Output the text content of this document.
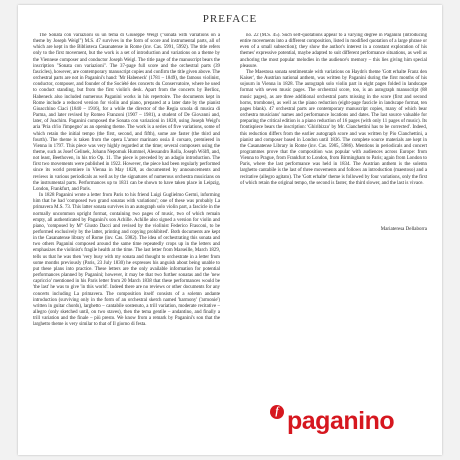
PREFACE

The Sonata con variazioni su un tema di Giuseppe Weigl ("sonata with variations on a theme by Joseph Weigl") M.S. 47 survives in the form of score and instrumental parts, all of which are kept in the Biblioteca Casanatense in Rome (inv. Cas. 5991, 5992). The title refers only to the first movement, but the work is a set of introduction and variations on a theme by the Viennese composer and conductor Joseph Weigl. The title page of the manuscript bears the inscription "Sonata con variazioni". The 37-page full score and the orchestral parts (39 fascicles), however, are contemporary manuscript copies and confirm the title given above. The orchestral parts are not in Paganini's hand: 'Mr Habeneck' (1781 – 1849), the famous violinist, conductor, composer, and founder of the Société des concerts du Conservatoire, where he used to conduct standing, but from the first violin's desk. Apart from the concerts by Berlioz, Habeneck also included numerous Paganini works in his repertoire. The documents kept in Rome include a reduced version for violin and piano, prepared at a later date by the pianist Gioacchino Ciaci (1840 – 1916), for a while the director of the Regia scuola di musica di Parma, and later revised by Romeo Franzoni (1907 – 1981), a student of De Giovanni and, later, of Joachim. Paganini composed the Sonata con variazioni in 1828, using Joseph Weigl's aria 'Pria ch'io l'impegno' as an opening theme. The work is a series of five variations, some of which retain the initial tempo (the first, second, and fifth), some are faster (the third and fourth). The theme is taken from the opera L'amor marinaro ossia il corsaro, premiered in Vienna in 1797. This piece was very highly regarded at the time; several composers using the theme, such as Josef Gelinek, Johann Nepomuk Hummel, Alessandro Rolla, Joseph Wölfl, and, not least, Beethoven, in his trio Op. 11. The piece is preceded by an adagio introduction. The first two movements were published in 1922. However, the piece had been regularly performed since its world premiere in Vienna in May 1828, as documented by announcements and reviews in various periodicals as well as by the signatures of numerous orchestra musicians on the instrumental parts. Performances up to 1831 can be shown to have taken place in Leipzig, London, Frankfurt, and Paris.

In 1828 Paganini wrote a letter from Paris to his friend Luigi Guglielmo Germi, informing him that he had 'composed two grand sonatas with variations'; one of these was probably La primavera M.S. 73. This latter sonata survives in an autograph solo violin part, a fascicle in the normally uncommon upright format, containing two pages of music, two of which remain empty, all authenticated by Paganini's son Achille. Achille also signed a version for violin and piano, 'composed by M° Giusto Dacci and revised by the violinist Federico Frasconi, to be performed exclusively by the latter, printing and copying prohibited'. Both documents are kept in the Casanatense library of Rome (inv. Cas. 5982). The idea of orchestrating this sonata and two others Paganini composed around the same time repeatedly crops up in the letters and emphasizes the violinist's fragile health at the time. The last letter from Marseille, March 1829, tells us that he was then 'very busy with my sonata and thought to orchestrate in a letter from some months previously (Paris, 23 July 1830) he expresses his anguish about being unable to put these plans into practice. These letters are the only available information for potential performances planned by Paganini; however, it may be that two further sonatas and the 'new capriccio' mentioned in his Paris letter from 20 March 1838 that these performances would be 'the last' he was to give 'in this world'. Indeed there are no reviews or other documents for any concerts including La primavera. The composition itself consists of a solemn andante introduction (surviving only in the form of an orchestral sketch named 'harmony' ('armonie') written in guitar chords), larghetto – cantabile sostenuto, a trill variation, moderate recitative – allegro (only sketched until, on two staves), then the tema gentile – andantino, and finally a trill variation and the finale – più presto. We know from a remark by Paganini's son that the larghetto theme is very similar to that of Il giorno di festa.

no. 22 (M.S. 45). Such self-quotations appear to a varying degree in Paganini (introducing entire movements into a different composition, listed in modified quotation of a large phrase or even of a small subsection); they show the author's interest in a constant exploration of his themes' expressive potential, maybe adapted to suit different performance situations, as well as anchoring the most popular melodies in the audience's memory – this lies giving him special pleasure.

The Maestosa sonata sentimentale with variations on Haydn's theme 'Gott erhalte Franz den Kaiser', the Austrian national anthem, was written by Paganini during the first months of his sojourn in Vienna in 1828. The autograph solo violin part in eight pages folded in landscape format with seven music pages. The orchestral score, too, is an autograph manuscript (88 music pages), as are three additional orchestral parts missing in the score (first and second horns, trombone), as well as the piano reduction (eight-page fascicle in landscape format, ten pages blank). 47 orchestral parts are contemporary manuscript copies, many of which bear orchestra musicians' names and performance locations and dates. The last source valuable for preparing the critical edition is a piano reduction of 16 pages (with only 11 pages of music). Its frontispiece bears the inscription: 'Ghiribizzo' by Mr. Cianchettini has to be corrected'. Indeed, this reduction differs from the earlier autograph score and was written by Pio Cianchettini, a pianist and composer based in London until 1836. The complete source materials are kept in the Casanatense Library in Rome (inv. Cas. 5985, 5986). Mentions in periodicals and concert programmes prove that the composition was popular with audiences across Europe: from Vienna to Prague, from Frankfurt to London, from Birmingham to Paris; again from London to Paris, where the last performance was held in 1834. The Austrian anthem is the solemn larghetto cantabile is the last of three movements and follows an introduction (maestoso) and a recitative (allegro agitato). The 'Gott erhalte' theme is followed by four variations, only the first of which retain the original tempo, the second is faster, the third slower, and the last is vivace.

Mariateresa Dellaborra
f paganino
